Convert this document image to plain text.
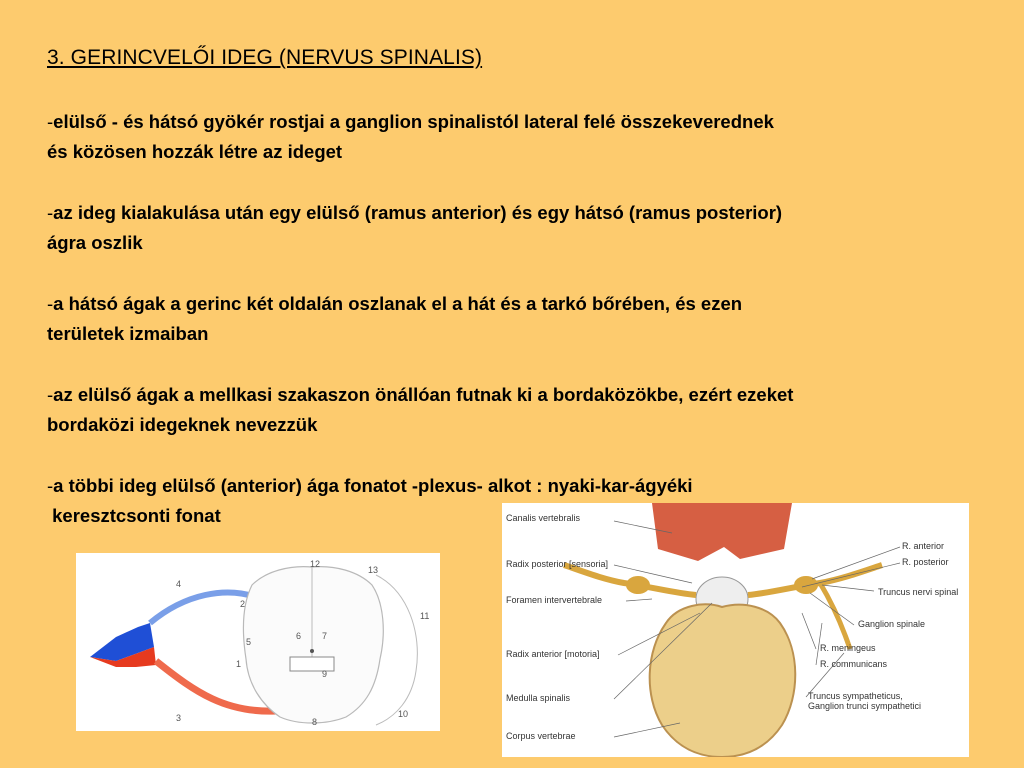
3. GERINCVELŐI IDEG (NERVUS SPINALIS)

-elülső - és hátsó gyökér rostjai a ganglion spinalistól lateral felé összekeverednek
és közösen hozzák létre az ideget

-az ideg kialakulása után egy elülső (ramus anterior) és egy hátsó (ramus posterior)
ágra oszlik

-a hátsó ágak a gerinc két oldalán oszlanak el a hát és a tarkó bőrében, és ezen
területek izmaiban

-az elülső ágak a mellkasi szakaszon önállóan futnak ki a bordaközökbe, ezért ezeket
bordaközi idegeknek nevezzük

-a többi ideg elülső (anterior) ága fonatot -plexus- alkot : nyaki-kar-ágyéki
keresztcsonti fonat

4
2
5
1
3
12
13
6 7
9
8
11
10
Canalis vertebralis
Radix posterior [sensoria]
Foramen intervertebrale
Radix anterior [motoria]
Medulla spinalis
Corpus vertebrae
R. anterior
R. posterior
Truncus nervi spinal
Ganglion spinale
R. meningeus
R. communicans
Truncus sympatheticus,
Ganglion trunci sympathetici
